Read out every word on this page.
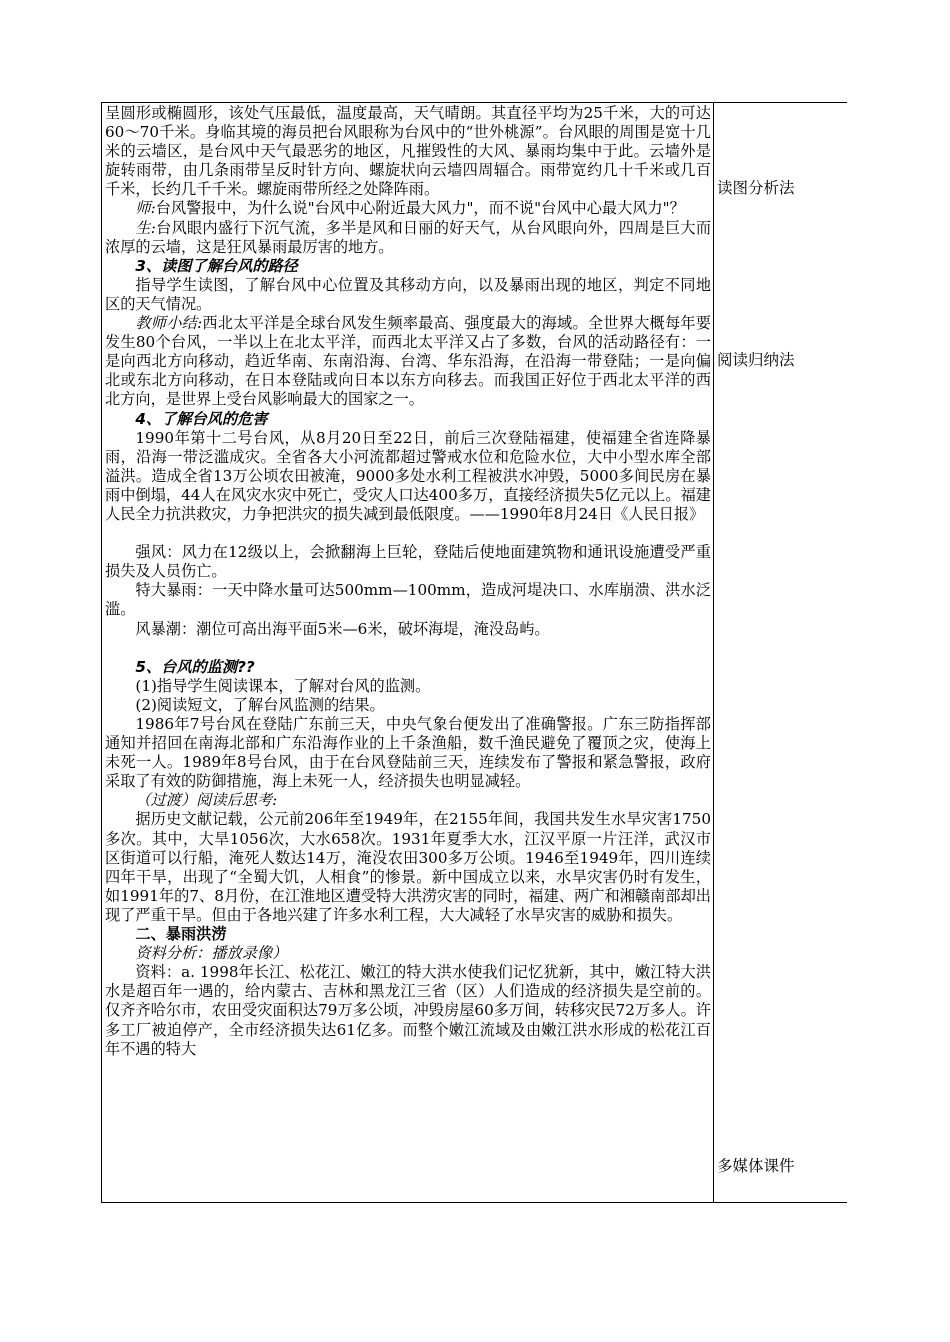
呈圆形或椭圆形，该处气压最低，温度最高，天气晴朗。其直径平均为25千米，大的可达60～70千米。身临其境的海员把台风眼称为台风中的“世外桃源”。台风眼的周围是宽十几米的云墙区，是台风中天气最恶劣的地区，凡摧毁性的大风、暴雨均集中于此。云墙外是旋转雨带，由几条雨带呈反时针方向、螺旋状向云墙四周辐合。雨带宽约几十千米或几百千米，长约几千千米。螺旋雨带所经之处降阵雨。

师:台风警报中，为什么说"台风中心附近最大风力"，而不说"台风中心最大风力"？

生:台风眼内盛行下沉气流，多半是风和日丽的好天气，从台风眼向外，四周是巨大而浓厚的云墙，这是狂风暴雨最厉害的地方。

3、读图了解台风的路径

指导学生读图，了解台风中心位置及其移动方向，以及暴雨出现的地区，判定不同地区的天气情况。

教师小结:西北太平洋是全球台风发生频率最高、强度最大的海域。全世界大概每年要发生80个台风，一半以上在北太平洋，而西北太平洋又占了多数，台风的活动路径有：一是向西北方向移动，趋近华南、东南沿海、台湾、华东沿海，在沿海一带登陆；一是向偏北或东北方向移动，在日本登陆或向日本以东方向移去。而我国正好位于西北太平洋的西北方向，是世界上受台风影响最大的国家之一。

4、了解台风的危害

1990年第十二号台风，从8月20日至22日，前后三次登陆福建，使福建全省连降暴雨，沿海一带泛滥成灾。全省各大小河流都超过警戒水位和危险水位，大中小型水库全部溢洪。造成全省13万公顷农田被淹，9000多处水利工程被洪水冲毁，5000多间民房在暴雨中倒塌，44人在风灾水灾中死亡，受灾人口达400多万，直接经济损失5亿元以上。福建人民全力抗洪救灾，力争把洪灾的损失减到最低限度。——1990年8月24日《人民日报》

强风：风力在12级以上，会掀翻海上巨轮，登陆后使地面建筑物和通讯设施遭受严重损失及人员伤亡。

特大暴雨：一天中降水量可达500mm—100mm，造成河堤决口、水库崩溃、洪水泛滥。

风暴潮：潮位可高出海平面5米—6米，破坏海堤，淹没岛屿。

5、台风的监测??

(1)指导学生阅读课本，了解对台风的监测。

(2)阅读短文，了解台风监测的结果。

1986年7号台风在登陆广东前三天，中央气象台便发出了准确警报。广东三防指挥部通知并招回在南海北部和广东沿海作业的上千条渔船，数千渔民避免了覆顶之灾，使海上未死一人。1989年8号台风，由于在台风登陆前三天，连续发布了警报和紧急警报，政府采取了有效的防御措施，海上未死一人，经济损失也明显减轻。

（过渡）阅读后思考:

据历史文献记载，公元前206年至1949年，在2155年间，我国共发生水旱灾害1750多次。其中，大旱1056次，大水658次。1931年夏季大水，江汉平原一片汪洋，武汉市区街道可以行船，淹死人数达14万，淹没农田300多万公顷。1946至1949年，四川连续四年干旱，出现了“全蜀大饥，人相食”的惨景。新中国成立以来，水旱灾害仍时有发生，如1991年的7、8月份，在江淮地区遭受特大洪涝灾害的同时，福建、两广和湘赣南部却出现了严重干旱。但由于各地兴建了许多水利工程，大大减轻了水旱灾害的威胁和损失。

二、暴雨洪涝

资料分析：播放录像）

资料：a. 1998年长江、松花江、嫩江的特大洪水使我们记忆犹新，其中，嫩江特大洪水是超百年一遇的，给内蒙古、吉林和黑龙江三省（区）人们造成的经济损失是空前的。仅齐齐哈尔市，农田受灾面积达79万多公顷，冲毁房屋60多万间，转移灾民72万多人。许多工厂被迫停产，全市经济损失达61亿多。而整个嫩江流域及由嫩江洪水形成的松花江百年不遇的特大

读图分析法
阅读归纳法
多媒体课件
